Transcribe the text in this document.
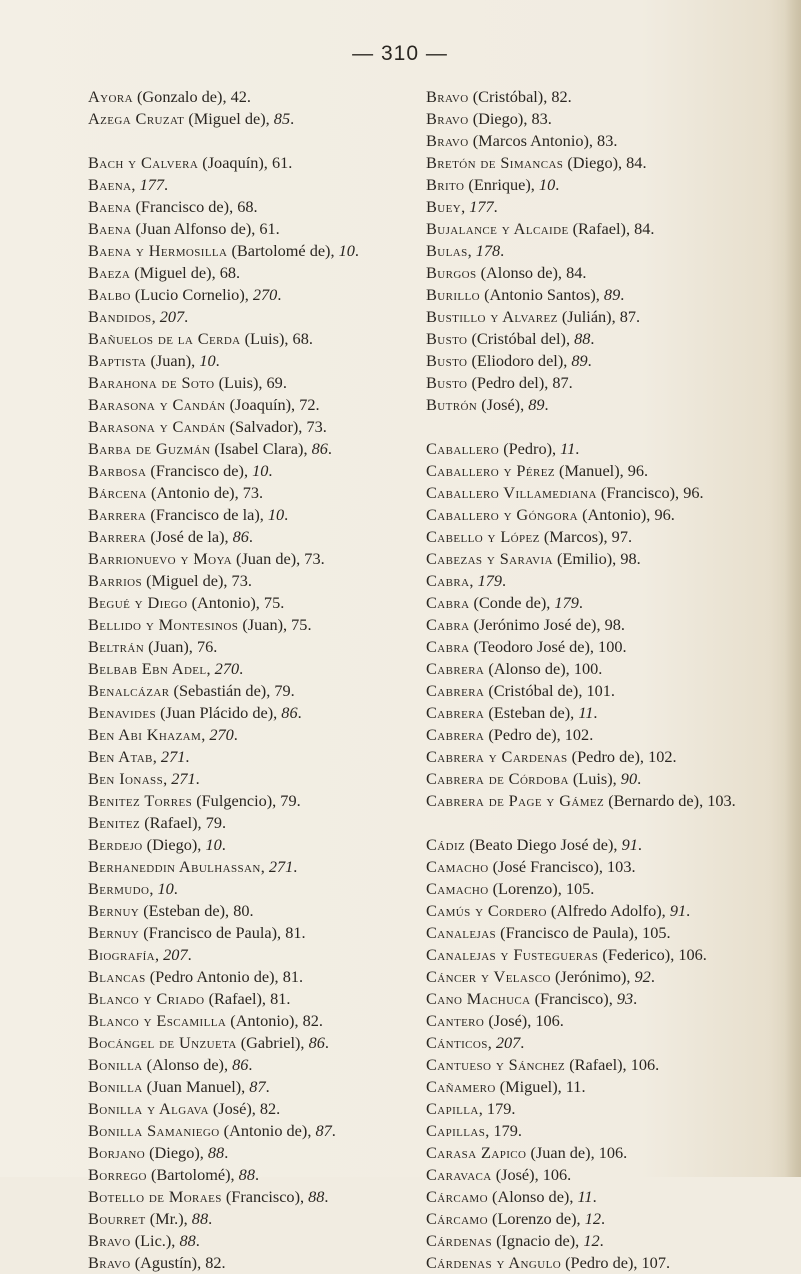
— 310 —
Ayora (Gonzalo de), 42.
Azega Cruzat (Miguel de), 85.
Bach y Calvera (Joaquín), 61.
Baena, 177.
Baena (Francisco de), 68.
Baena (Juan Alfonso de), 61.
Baena y Hermosilla (Bartolomé de), 10.
Baeza (Miguel de), 68.
Balbo (Lucio Cornelio), 270.
Bandidos, 207.
Bañuelos de la Cerda (Luis), 68.
Baptista (Juan), 10.
Barahona de Soto (Luis), 69.
Barasona y Candán (Joaquín), 72.
Barasona y Candán (Salvador), 73.
Barba de Guzmán (Isabel Clara), 86.
Barbosa (Francisco de), 10.
Bárcena (Antonio de), 73.
Barrera (Francisco de la), 10.
Barrera (José de la), 86.
Barrionuevo y Moya (Juan de), 73.
Barrios (Miguel de), 73.
Begué y Diego (Antonio), 75.
Bellido y Montesinos (Juan), 75.
Beltrán (Juan), 76.
Belbab Ebn Adel, 270.
Benalcázar (Sebastián de), 79.
Benavides (Juan Plácido de), 86.
Ben Abi Khazam, 270.
Ben Atab, 271.
Ben Ionass, 271.
Benitez Torres (Fulgencio), 79.
Benitez (Rafael), 79.
Berdejo (Diego), 10.
Berhaneddin Abulhassan, 271.
Bermudo, 10.
Bernuy (Esteban de), 80.
Bernuy (Francisco de Paula), 81.
Biografía, 207.
Blancas (Pedro Antonio de), 81.
Blanco y Criado (Rafael), 81.
Blanco y Escamilla (Antonio), 82.
Bocángel de Unzueta (Gabriel), 86.
Bonilla (Alonso de), 86.
Bonilla (Juan Manuel), 87.
Bonilla y Algava (José), 82.
Bonilla Samaniego (Antonio de), 87.
Borjano (Diego), 88.
Borrego (Bartolomé), 88.
Botello de Moraes (Francisco), 88.
Bourret (Mr.), 88.
Bravo (Lic.), 88.
Bravo (Agustín), 82.
Bravo (Cristóbal), 82.
Bravo (Diego), 83.
Bravo (Marcos Antonio), 83.
Bretón de Simancas (Diego), 84.
Brito (Enrique), 10.
Buey, 177.
Bujalance y Alcaide (Rafael), 84.
Bulas, 178.
Burgos (Alonso de), 84.
Burillo (Antonio Santos), 89.
Bustillo y Alvarez (Julián), 87.
Busto (Cristóbal del), 88.
Busto (Eliodoro del), 89.
Busto (Pedro del), 87.
Butrón (José), 89.
Caballero (Pedro), 11.
Caballero y Pérez (Manuel), 96.
Caballero Villamediana (Francisco), 96.
Caballero y Góngora (Antonio), 96.
Cabello y López (Marcos), 97.
Cabezas y Saravia (Emilio), 98.
Cabra, 179.
Cabra (Conde de), 179.
Cabra (Jerónimo José de), 98.
Cabra (Teodoro José de), 100.
Cabrera (Alonso de), 100.
Cabrera (Cristóbal de), 101.
Cabrera (Esteban de), 11.
Cabrera (Pedro de), 102.
Cabrera y Cardenas (Pedro de), 102.
Cabrera de Córdoba (Luis), 90.
Cabrera de Page y Gámez (Bernardo de), 103.
Cádiz (Beato Diego José de), 91.
Camacho (José Francisco), 103.
Camacho (Lorenzo), 105.
Camús y Cordero (Alfredo Adolfo), 91.
Canalejas (Francisco de Paula), 105.
Canalejas y Fustegueras (Federico), 106.
Cáncer y Velasco (Jerónimo), 92.
Cano Machuca (Francisco), 93.
Cantero (José), 106.
Cánticos, 207.
Cantueso y Sánchez (Rafael), 106.
Cañamero (Miguel), 11.
Capilla, 179.
Capillas, 179.
Carasa Zapico (Juan de), 106.
Caravaca (José), 106.
Cárcamo (Alonso de), 11.
Cárcamo (Lorenzo de), 12.
Cárdenas (Ignacio de), 12.
Cárdenas y Angulo (Pedro de), 107.
